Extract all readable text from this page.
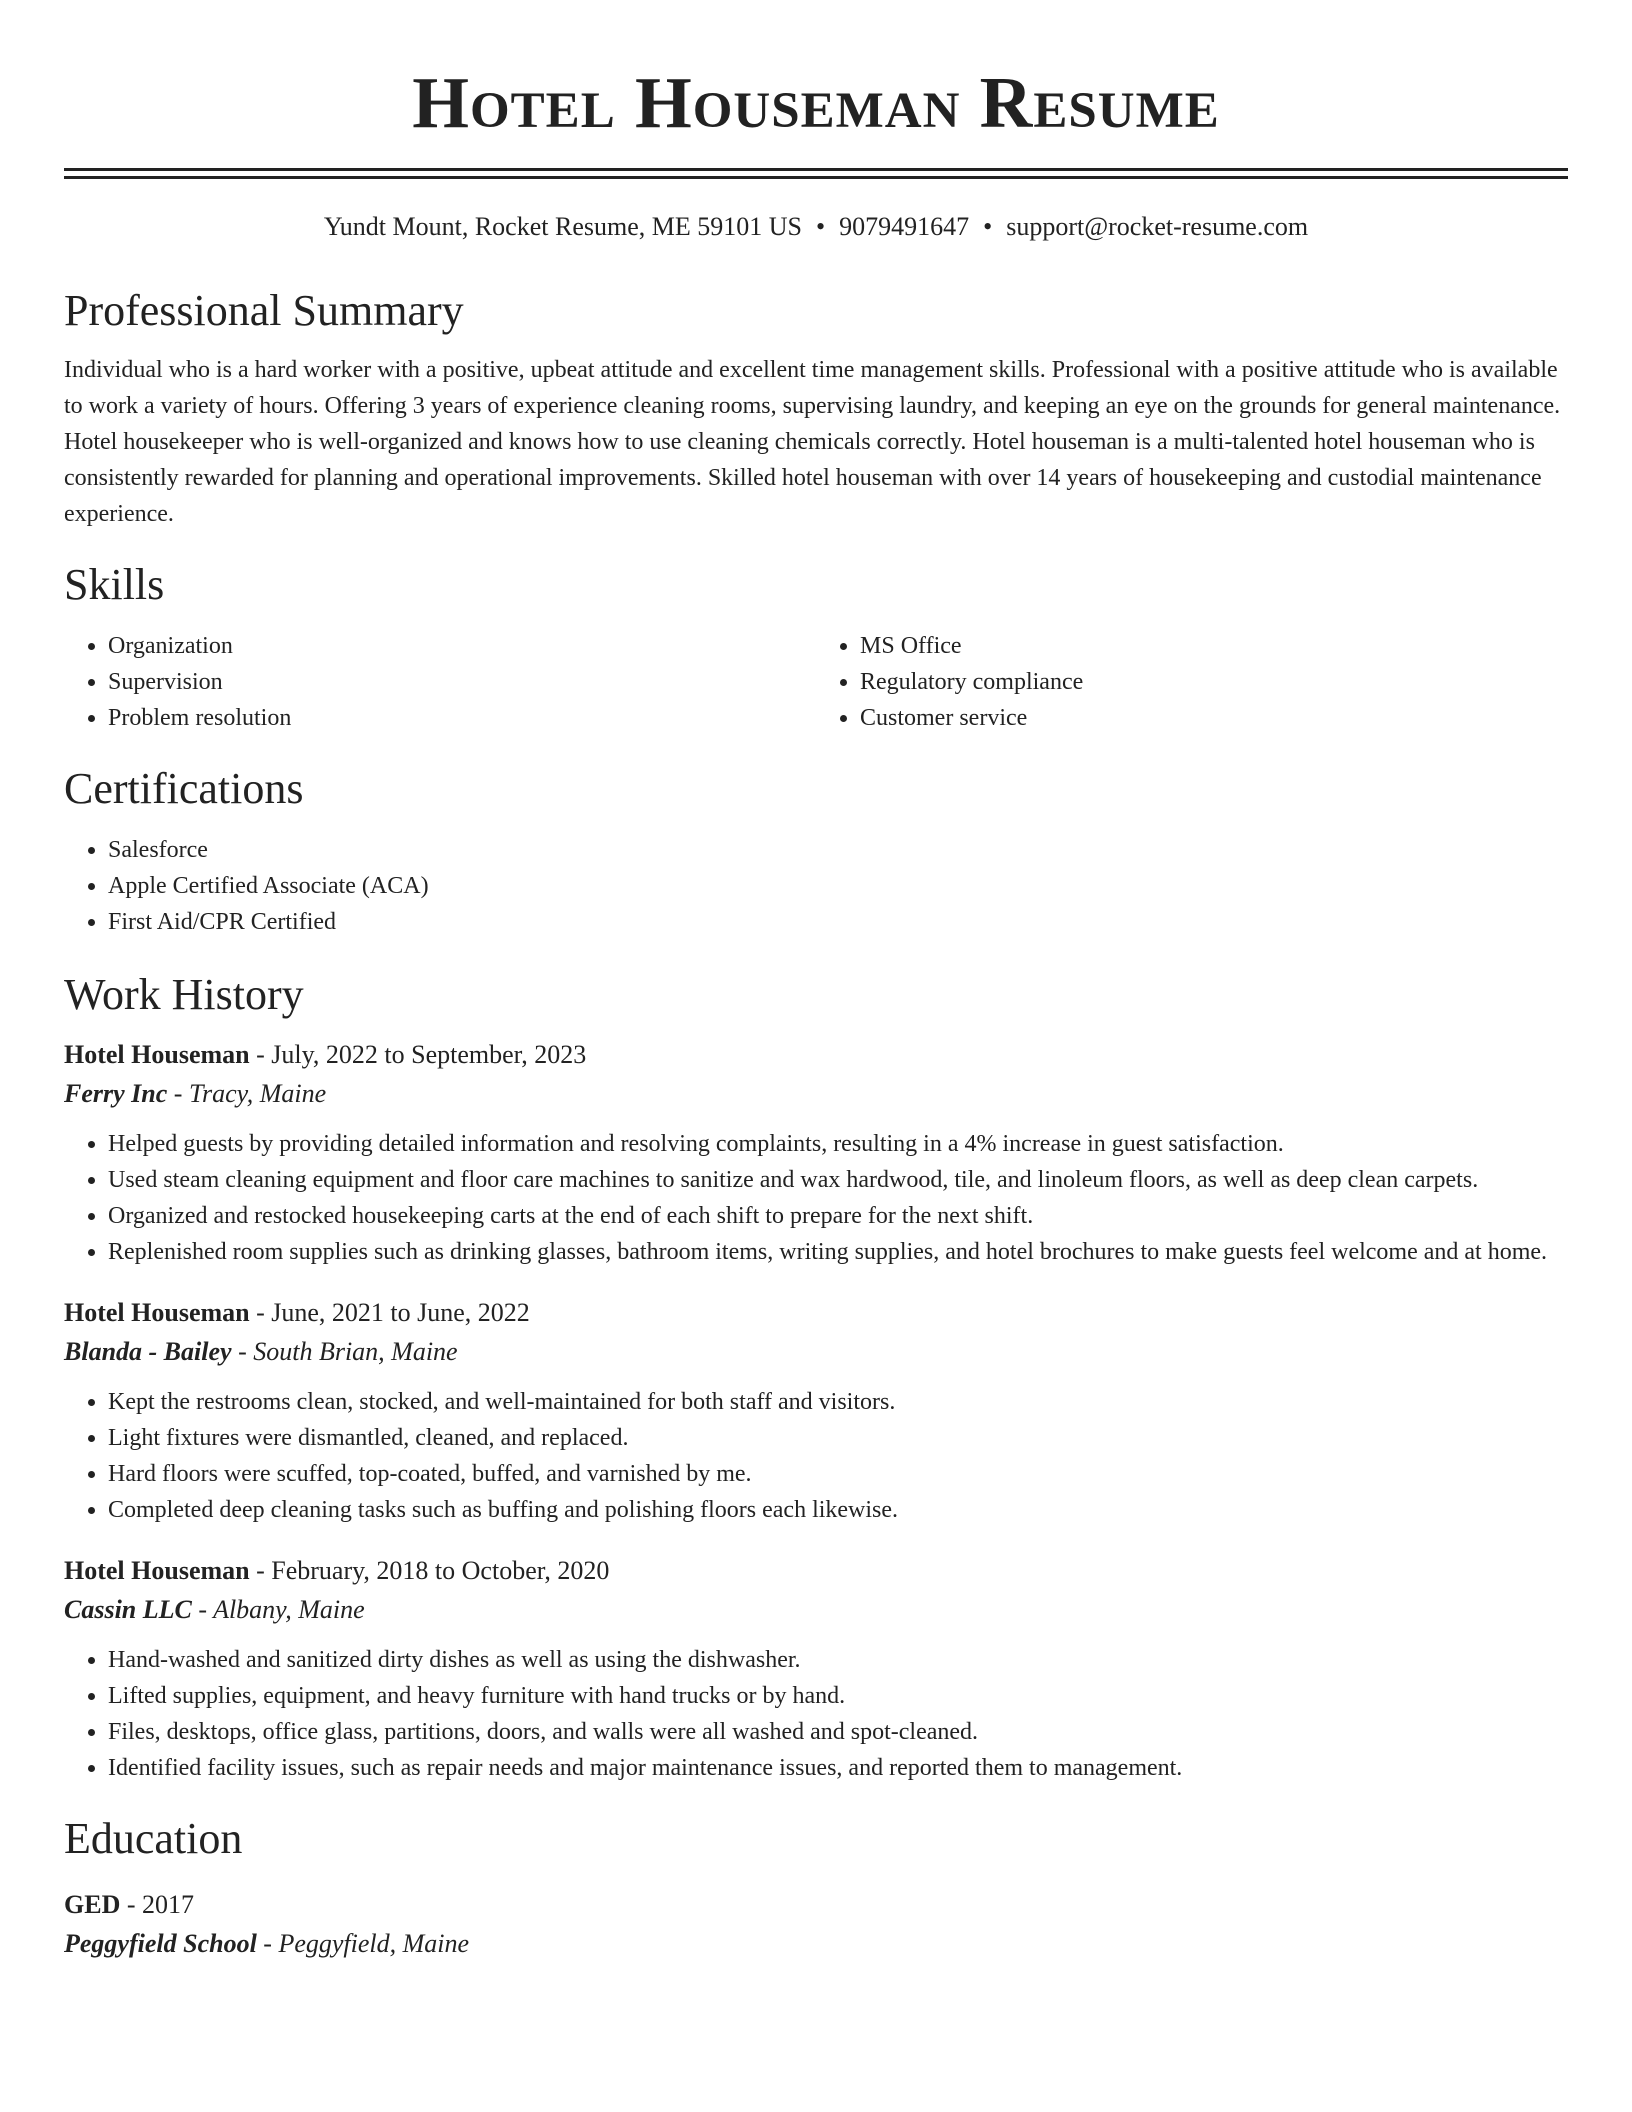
Hotel Houseman Resume
Yundt Mount, Rocket Resume, ME 59101 US • 9079491647 • support@rocket-resume.com
Professional Summary

Individual who is a hard worker with a positive, upbeat attitude and excellent time management skills. Professional with a positive attitude who is available to work a variety of hours. Offering 3 years of experience cleaning rooms, supervising laundry, and keeping an eye on the grounds for general maintenance. Hotel housekeeper who is well-organized and knows how to use cleaning chemicals correctly. Hotel houseman is a multi-talented hotel houseman who is consistently rewarded for planning and operational improvements. Skilled hotel houseman with over 14 years of housekeeping and custodial maintenance experience.

Skills
• Organization
• Supervision
• Problem resolution
• MS Office
• Regulatory compliance
• Customer service
Certifications
• Salesforce
• Apple Certified Associate (ACA)
• First Aid/CPR Certified
Work History
Hotel Houseman - July, 2022 to September, 2023
Ferry Inc - Tracy, Maine
• Helped guests by providing detailed information and resolving complaints, resulting in a 4% increase in guest satisfaction.
• Used steam cleaning equipment and floor care machines to sanitize and wax hardwood, tile, and linoleum floors, as well as deep clean carpets.
• Organized and restocked housekeeping carts at the end of each shift to prepare for the next shift.
• Replenished room supplies such as drinking glasses, bathroom items, writing supplies, and hotel brochures to make guests feel welcome and at home.
Hotel Houseman - June, 2021 to June, 2022
Blanda - Bailey - South Brian, Maine
• Kept the restrooms clean, stocked, and well-maintained for both staff and visitors.
• Light fixtures were dismantled, cleaned, and replaced.
• Hard floors were scuffed, top-coated, buffed, and varnished by me.
• Completed deep cleaning tasks such as buffing and polishing floors each likewise.
Hotel Houseman - February, 2018 to October, 2020
Cassin LLC - Albany, Maine
• Hand-washed and sanitized dirty dishes as well as using the dishwasher.
• Lifted supplies, equipment, and heavy furniture with hand trucks or by hand.
• Files, desktops, office glass, partitions, doors, and walls were all washed and spot-cleaned.
• Identified facility issues, such as repair needs and major maintenance issues, and reported them to management.
Education
GED - 2017
Peggyfield School - Peggyfield, Maine
